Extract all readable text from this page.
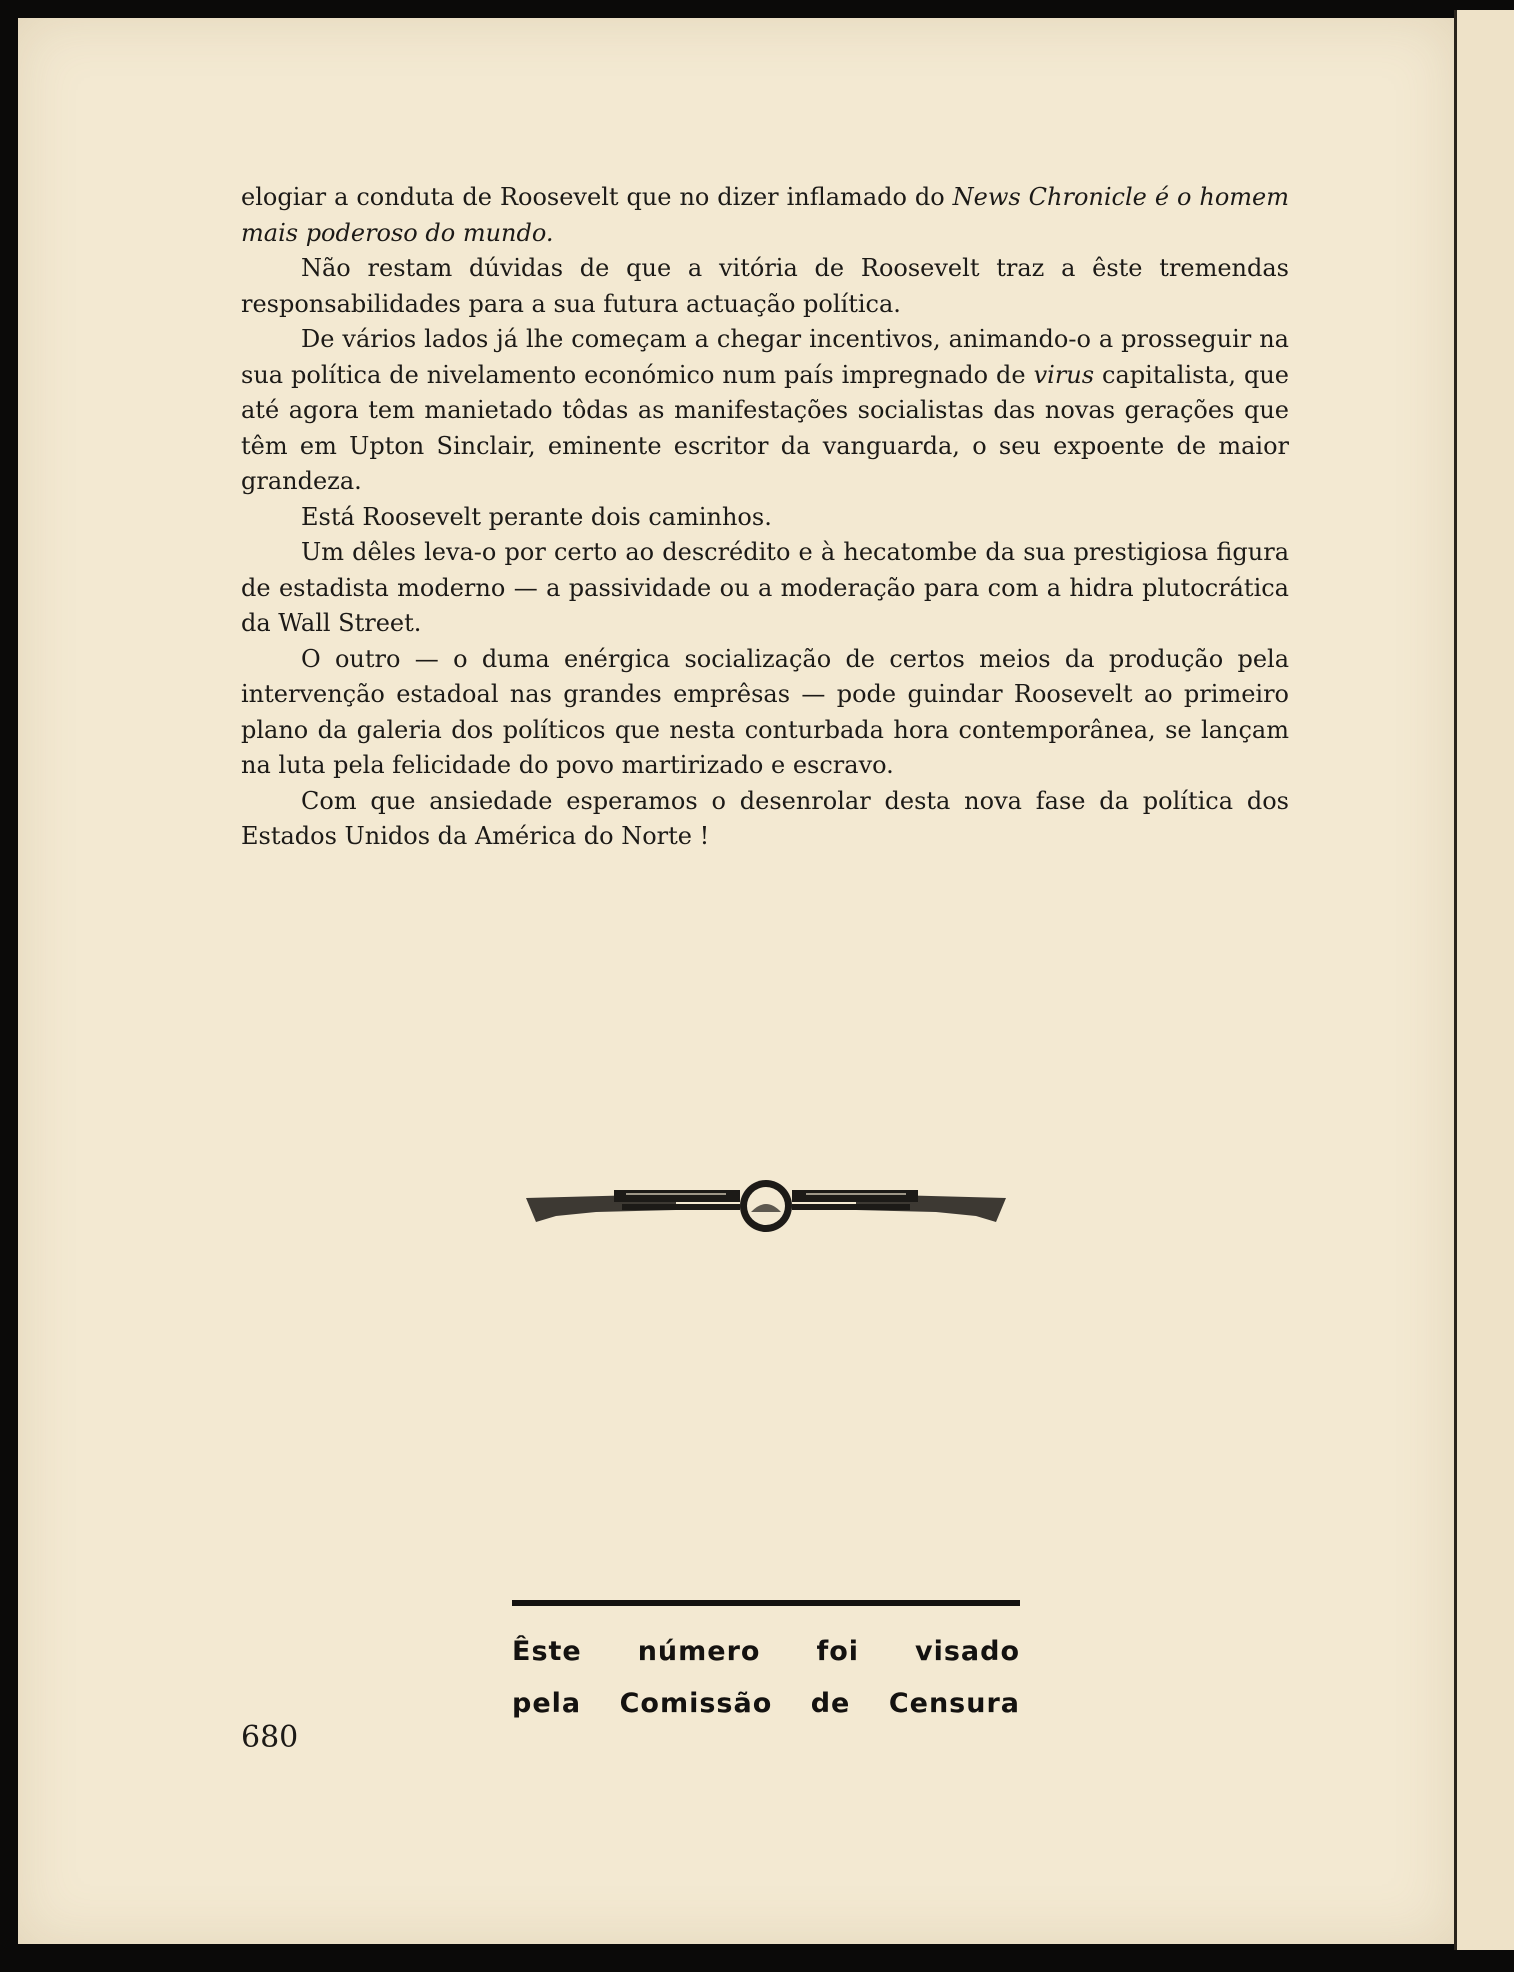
elogiar a conduta de Roosevelt que no dizer inflamado do News Chronicle é o homem mais poderoso do mundo.

Não restam dúvidas de que a vitória de Roosevelt traz a êste tremendas responsabilidades para a sua futura actuação política.

De vários lados já lhe começam a chegar incentivos, animando-o a prosseguir na sua política de nivelamento económico num país impregnado de virus capitalista, que até agora tem manietado tôdas as manifestações socialistas das novas gerações que têm em Upton Sinclair, eminente escritor da vanguarda, o seu expoente de maior grandeza.

Está Roosevelt perante dois caminhos.

Um dêles leva-o por certo ao descrédito e à hecatombe da sua prestigiosa figura de estadista moderno — a passividade ou a moderação para com a hidra plutocrática da Wall Street.

O outro — o duma enérgica socialização de certos meios da produção pela intervenção estadoal nas grandes emprêsas — pode guindar Roosevelt ao primeiro plano da galeria dos políticos que nesta conturbada hora contemporânea, se lançam na luta pela felicidade do povo martirizado e escravo.

Com que ansiedade esperamos o desenrolar desta nova fase da política dos Estados Unidos da América do Norte !

Êste número foi visado
pela Comissão de Censura
680
